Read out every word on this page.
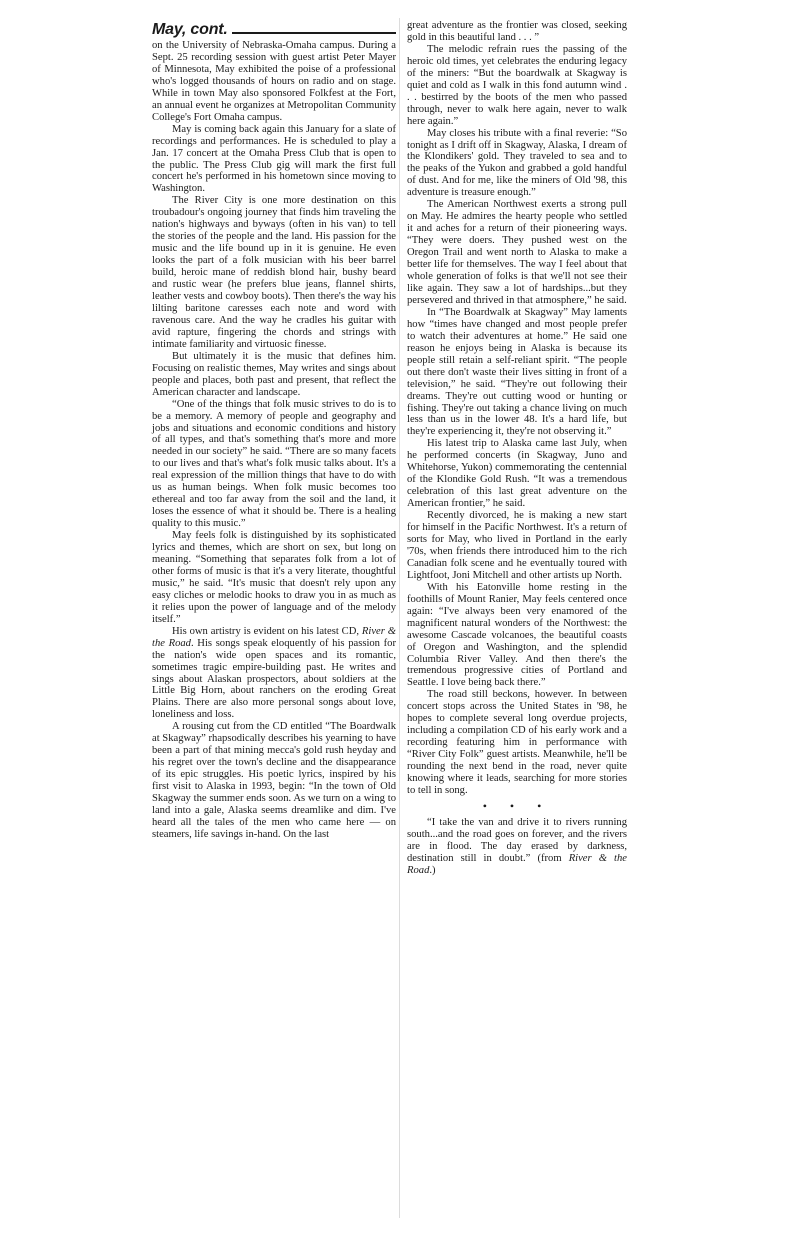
May, cont.

on the University of Nebraska-Omaha campus. During a Sept. 25 recording session with guest artist Peter Mayer of Minnesota, May exhibited the poise of a professional who's logged thousands of hours on radio and on stage. While in town May also sponsored Folkfest at the Fort, an annual event he organizes at Metropolitan Community College's Fort Omaha campus.

May is coming back again this January for a slate of recordings and performances. He is scheduled to play a Jan. 17 concert at the Omaha Press Club that is open to the public. The Press Club gig will mark the first full concert he's performed in his hometown since moving to Washington.

The River City is one more destination on this troubadour's ongoing journey that finds him traveling the nation's highways and byways (often in his van) to tell the stories of the people and the land. His passion for the music and the life bound up in it is genuine. He even looks the part of a folk musician with his beer barrel build, heroic mane of reddish blond hair, bushy beard and rustic wear (he prefers blue jeans, flannel shirts, leather vests and cowboy boots). Then there's the way his lilting baritone caresses each note and word with ravenous care. And the way he cradles his guitar with avid rapture, fingering the chords and strings with intimate familiarity and virtuosic finesse.

But ultimately it is the music that defines him. Focusing on realistic themes, May writes and sings about people and places, both past and present, that reflect the American character and landscape.

“One of the things that folk music strives to do is to be a memory. A memory of people and geography and jobs and situations and economic conditions and history of all types, and that's something that's more and more needed in our society” he said. “There are so many facets to our lives and that's what's folk music talks about. It's a real expression of the million things that have to do with us as human beings. When folk music becomes too ethereal and too far away from the soil and the land, it loses the essence of what it should be. There is a healing quality to this music.”

May feels folk is distinguished by its sophisticated lyrics and themes, which are short on sex, but long on meaning. “Something that separates folk from a lot of other forms of music is that it's a very literate, thoughtful music,” he said. “It's music that doesn't rely upon any easy cliches or melodic hooks to draw you in as much as it relies upon the power of language and of the melody itself.”

His own artistry is evident on his latest CD, River & the Road. His songs speak eloquently of his passion for the nation's wide open spaces and its romantic, sometimes tragic empire-building past. He writes and sings about Alaskan prospectors, about soldiers at the Little Big Horn, about ranchers on the eroding Great Plains. There are also more personal songs about love, loneliness and loss.

A rousing cut from the CD entitled “The Boardwalk at Skagway” rhapsodically describes his yearning to have been a part of that mining mecca's gold rush heyday and his regret over the town's decline and the disappearance of its epic struggles. His poetic lyrics, inspired by his first visit to Alaska in 1993, begin: “In the town of Old Skagway the summer ends soon. As we turn on a wing to land into a gale, Alaska seems dreamlike and dim. I've heard all the tales of the men who came here — on steamers, life savings in-hand. On the last

great adventure as the frontier was closed, seeking gold in this beautiful land . . . ”

The melodic refrain rues the passing of the heroic old times, yet celebrates the enduring legacy of the miners: “But the boardwalk at Skagway is quiet and cold as I walk in this fond autumn wind . . . bestirred by the boots of the men who passed through, never to walk here again, never to walk here again.”

May closes his tribute with a final reverie: “So tonight as I drift off in Skagway, Alaska, I dream of the Klondikers' gold. They traveled to sea and to the peaks of the Yukon and grabbed a gold handful of dust. And for me, like the miners of Old '98, this adventure is treasure enough.”

The American Northwest exerts a strong pull on May. He admires the hearty people who settled it and aches for a return of their pioneering ways. “They were doers. They pushed west on the Oregon Trail and went north to Alaska to make a better life for themselves. The way I feel about that whole generation of folks is that we'll not see their like again. They saw a lot of hardships...but they persevered and thrived in that atmosphere,” he said.

In “The Boardwalk at Skagway” May laments how “times have changed and most people prefer to watch their adventures at home.” He said one reason he enjoys being in Alaska is because its people still retain a self-reliant spirit. “The people out there don't waste their lives sitting in front of a television,” he said. “They're out following their dreams. They're out cutting wood or hunting or fishing. They're out taking a chance living on much less than us in the lower 48. It's a hard life, but they're experiencing it, they're not observing it.”

His latest trip to Alaska came last July, when he performed concerts (in Skagway, Juno and Whitehorse, Yukon) commemorating the centennial of the Klondike Gold Rush. “It was a tremendous celebration of this last great adventure on the American frontier,” he said.

Recently divorced, he is making a new start for himself in the Pacific Northwest. It's a return of sorts for May, who lived in Portland in the early '70s, when friends there introduced him to the rich Canadian folk scene and he eventually toured with Lightfoot, Joni Mitchell and other artists up North.

With his Eatonville home resting in the foothills of Mount Ranier, May feels centered once again: “I've always been very enamored of the magnificent natural wonders of the Northwest: the awesome Cascade volcanoes, the beautiful coasts of Oregon and Washington, and the splendid Columbia River Valley. And then there's the tremendous progressive cities of Portland and Seattle. I love being back there.”

The road still beckons, however. In between concert stops across the United States in '98, he hopes to complete several long overdue projects, including a compilation CD of his early work and a recording featuring him in performance with “River City Folk” guest artists. Meanwhile, he'll be rounding the next bend in the road, never quite knowing where it leads, searching for more stories to tell in song.

• • •

“I take the van and drive it to rivers running south...and the road goes on forever, and the rivers are in flood. The day erased by darkness, destination still in doubt.” (from River & the Road.)
